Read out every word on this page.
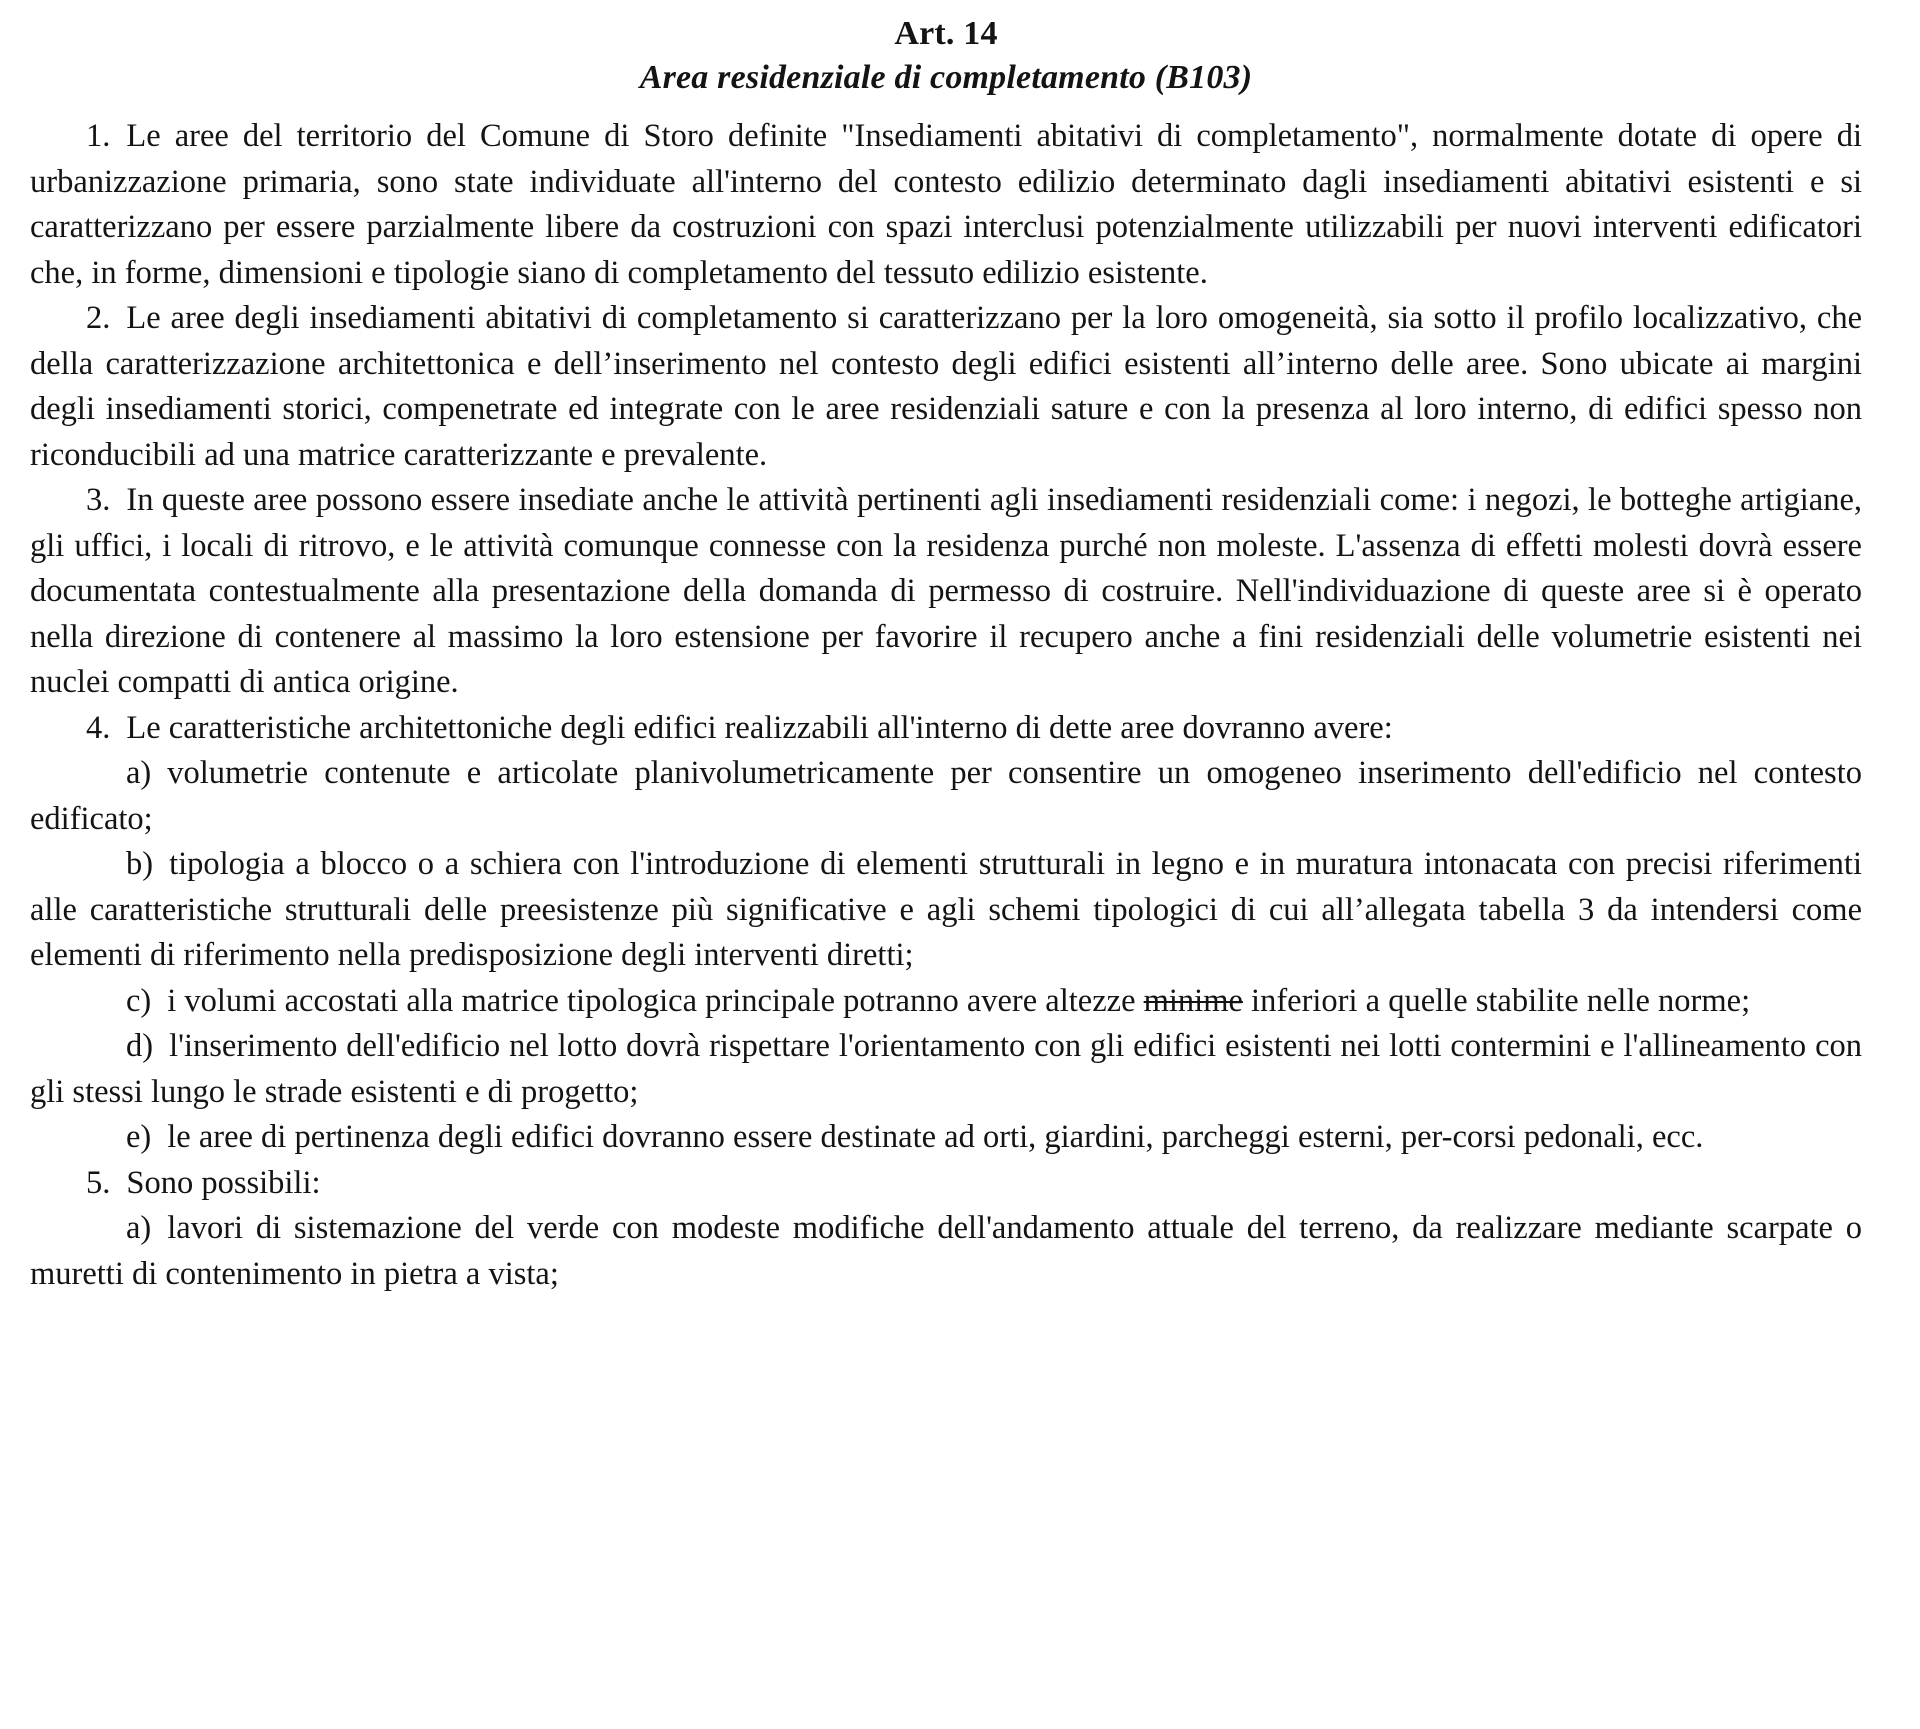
Art. 14
Area residenziale di completamento (B103)

1. Le aree del territorio del Comune di Storo definite "Insediamenti abitativi di completamento", normalmente dotate di opere di urbanizzazione primaria, sono state individuate all'interno del contesto edilizio determinato dagli insediamenti abitativi esistenti e si caratterizzano per essere parzialmente libere da costruzioni con spazi interclusi potenzialmente utilizzabili per nuovi interventi edificatori che, in forme, dimensioni e tipologie siano di completamento del tessuto edilizio esistente.

2. Le aree degli insediamenti abitativi di completamento si caratterizzano per la loro omogeneità, sia sotto il profilo localizzativo, che della caratterizzazione architettonica e dell’inserimento nel contesto degli edifici esistenti all’interno delle aree. Sono ubicate ai margini degli insediamenti storici, compenetrate ed integrate con le aree residenziali sature e con la presenza al loro interno, di edifici spesso non riconducibili ad una matrice caratterizzante e prevalente.

3. In queste aree possono essere insediate anche le attività pertinenti agli insediamenti residenziali come: i negozi, le botteghe artigiane, gli uffici, i locali di ritrovo, e le attività comunque connesse con la residenza purché non moleste. L'assenza di effetti molesti dovrà essere documentata contestualmente alla presentazione della domanda di permesso di costruire. Nell'individuazione di queste aree si è operato nella direzione di contenere al massimo la loro estensione per favorire il recupero anche a fini residenziali delle volumetrie esistenti nei nuclei compatti di antica origine.

4. Le caratteristiche architettoniche degli edifici realizzabili all'interno di dette aree dovranno avere:

a) volumetrie contenute e articolate planivolumetricamente per consentire un omogeneo inserimento dell'edificio nel contesto edificato;

b) tipologia a blocco o a schiera con l'introduzione di elementi strutturali in legno e in muratura intonacata con precisi riferimenti alle caratteristiche strutturali delle preesistenze più significative e agli schemi tipologici di cui all’allegata tabella 3 da intendersi come elementi di riferimento nella predisposizione degli interventi diretti;

c) i volumi accostati alla matrice tipologica principale potranno avere altezze minime inferiori a quelle stabilite nelle norme;

d) l'inserimento dell'edificio nel lotto dovrà rispettare l'orientamento con gli edifici esistenti nei lotti contermini e l'allineamento con gli stessi lungo le strade esistenti e di progetto;

e) le aree di pertinenza degli edifici dovranno essere destinate ad orti, giardini, parcheggi esterni, per-corsi pedonali, ecc.

5. Sono possibili:

a) lavori di sistemazione del verde con modeste modifiche dell'andamento attuale del terreno, da realizzare mediante scarpate o muretti di contenimento in pietra a vista;
